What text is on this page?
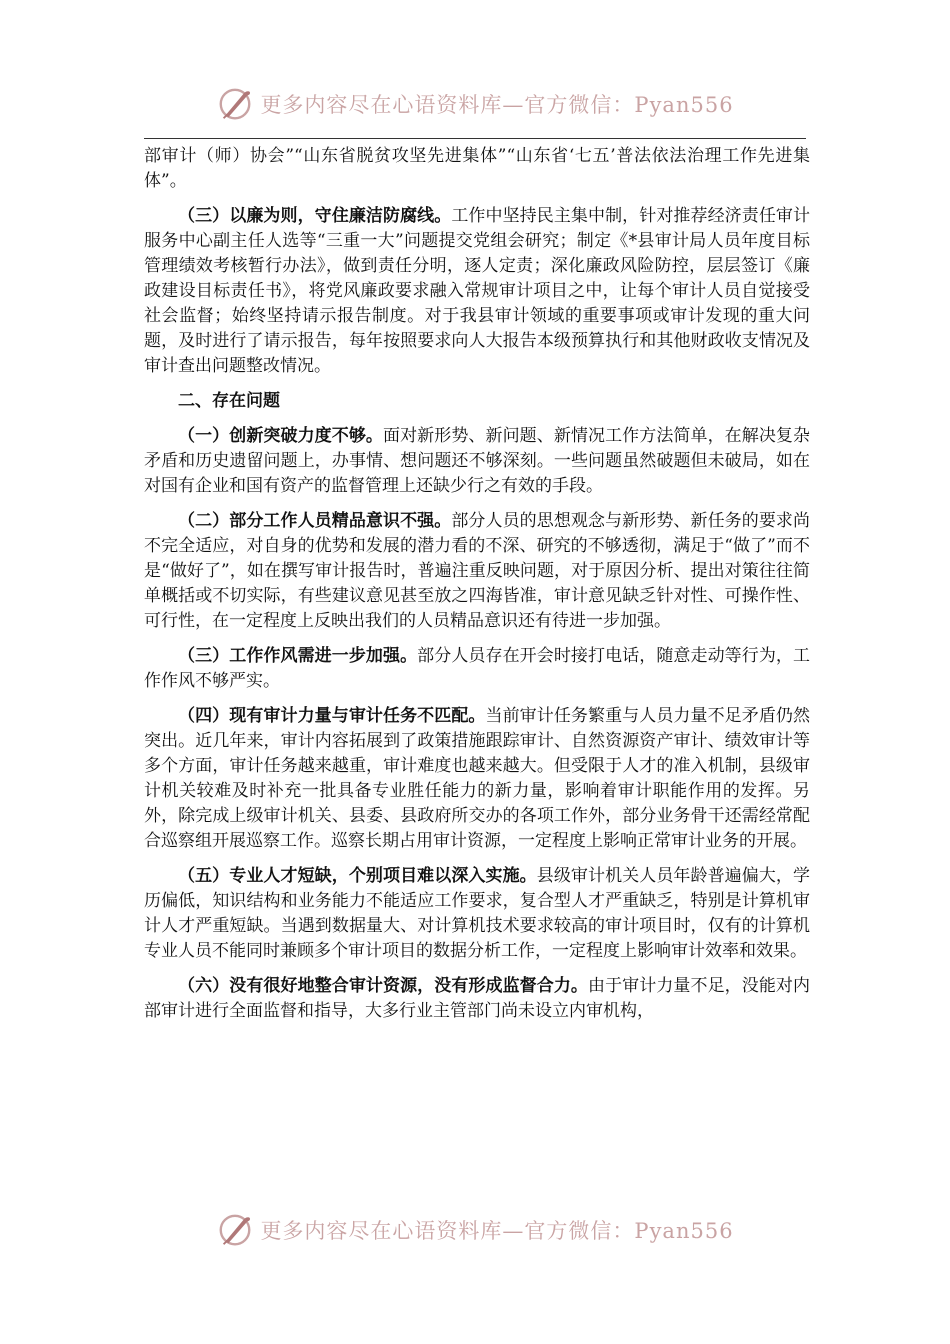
更多内容尽在心语资料库—官方微信：Pyan556

部审计（师）协会”“山东省脱贫攻坚先进集体”“山东省‘七五’普法依法治理工作先进集体”。

（三）以廉为则，守住廉洁防腐线。工作中坚持民主集中制，针对推荐经济责任审计服务中心副主任人选等“三重一大”问题提交党组会研究；制定《*县审计局人员年度目标管理绩效考核暂行办法》，做到责任分明，逐人定责；深化廉政风险防控，层层签订《廉政建设目标责任书》，将党风廉政要求融入常规审计项目之中，让每个审计人员自觉接受社会监督；始终坚持请示报告制度。对于我县审计领域的重要事项或审计发现的重大问题，及时进行了请示报告，每年按照要求向人大报告本级预算执行和其他财政收支情况及审计查出问题整改情况。

二、存在问题

（一）创新突破力度不够。面对新形势、新问题、新情况工作方法简单，在解决复杂矛盾和历史遗留问题上，办事情、想问题还不够深刻。一些问题虽然破题但未破局，如在对国有企业和国有资产的监督管理上还缺少行之有效的手段。

（二）部分工作人员精品意识不强。部分人员的思想观念与新形势、新任务的要求尚不完全适应，对自身的优势和发展的潜力看的不深、研究的不够透彻，满足于“做了”而不是“做好了”，如在撰写审计报告时，普遍注重反映问题，对于原因分析、提出对策往往简单概括或不切实际，有些建议意见甚至放之四海皆准，审计意见缺乏针对性、可操作性、可行性，在一定程度上反映出我们的人员精品意识还有待进一步加强。

（三）工作作风需进一步加强。部分人员存在开会时接打电话，随意走动等行为，工作作风不够严实。

（四）现有审计力量与审计任务不匹配。当前审计任务繁重与人员力量不足矛盾仍然突出。近几年来，审计内容拓展到了政策措施跟踪审计、自然资源资产审计、绩效审计等多个方面，审计任务越来越重，审计难度也越来越大。但受限于人才的准入机制，县级审计机关较难及时补充一批具备专业胜任能力的新力量，影响着审计职能作用的发挥。另外，除完成上级审计机关、县委、县政府所交办的各项工作外，部分业务骨干还需经常配合巡察组开展巡察工作。巡察长期占用审计资源，一定程度上影响正常审计业务的开展。

（五）专业人才短缺，个别项目难以深入实施。县级审计机关人员年龄普遍偏大，学历偏低，知识结构和业务能力不能适应工作要求，复合型人才严重缺乏，特别是计算机审计人才严重短缺。当遇到数据量大、对计算机技术要求较高的审计项目时，仅有的计算机专业人员不能同时兼顾多个审计项目的数据分析工作，一定程度上影响审计效率和效果。

（六）没有很好地整合审计资源，没有形成监督合力。由于审计力量不足，没能对内部审计进行全面监督和指导，大多行业主管部门尚未设立内审机构，

更多内容尽在心语资料库—官方微信：Pyan556
